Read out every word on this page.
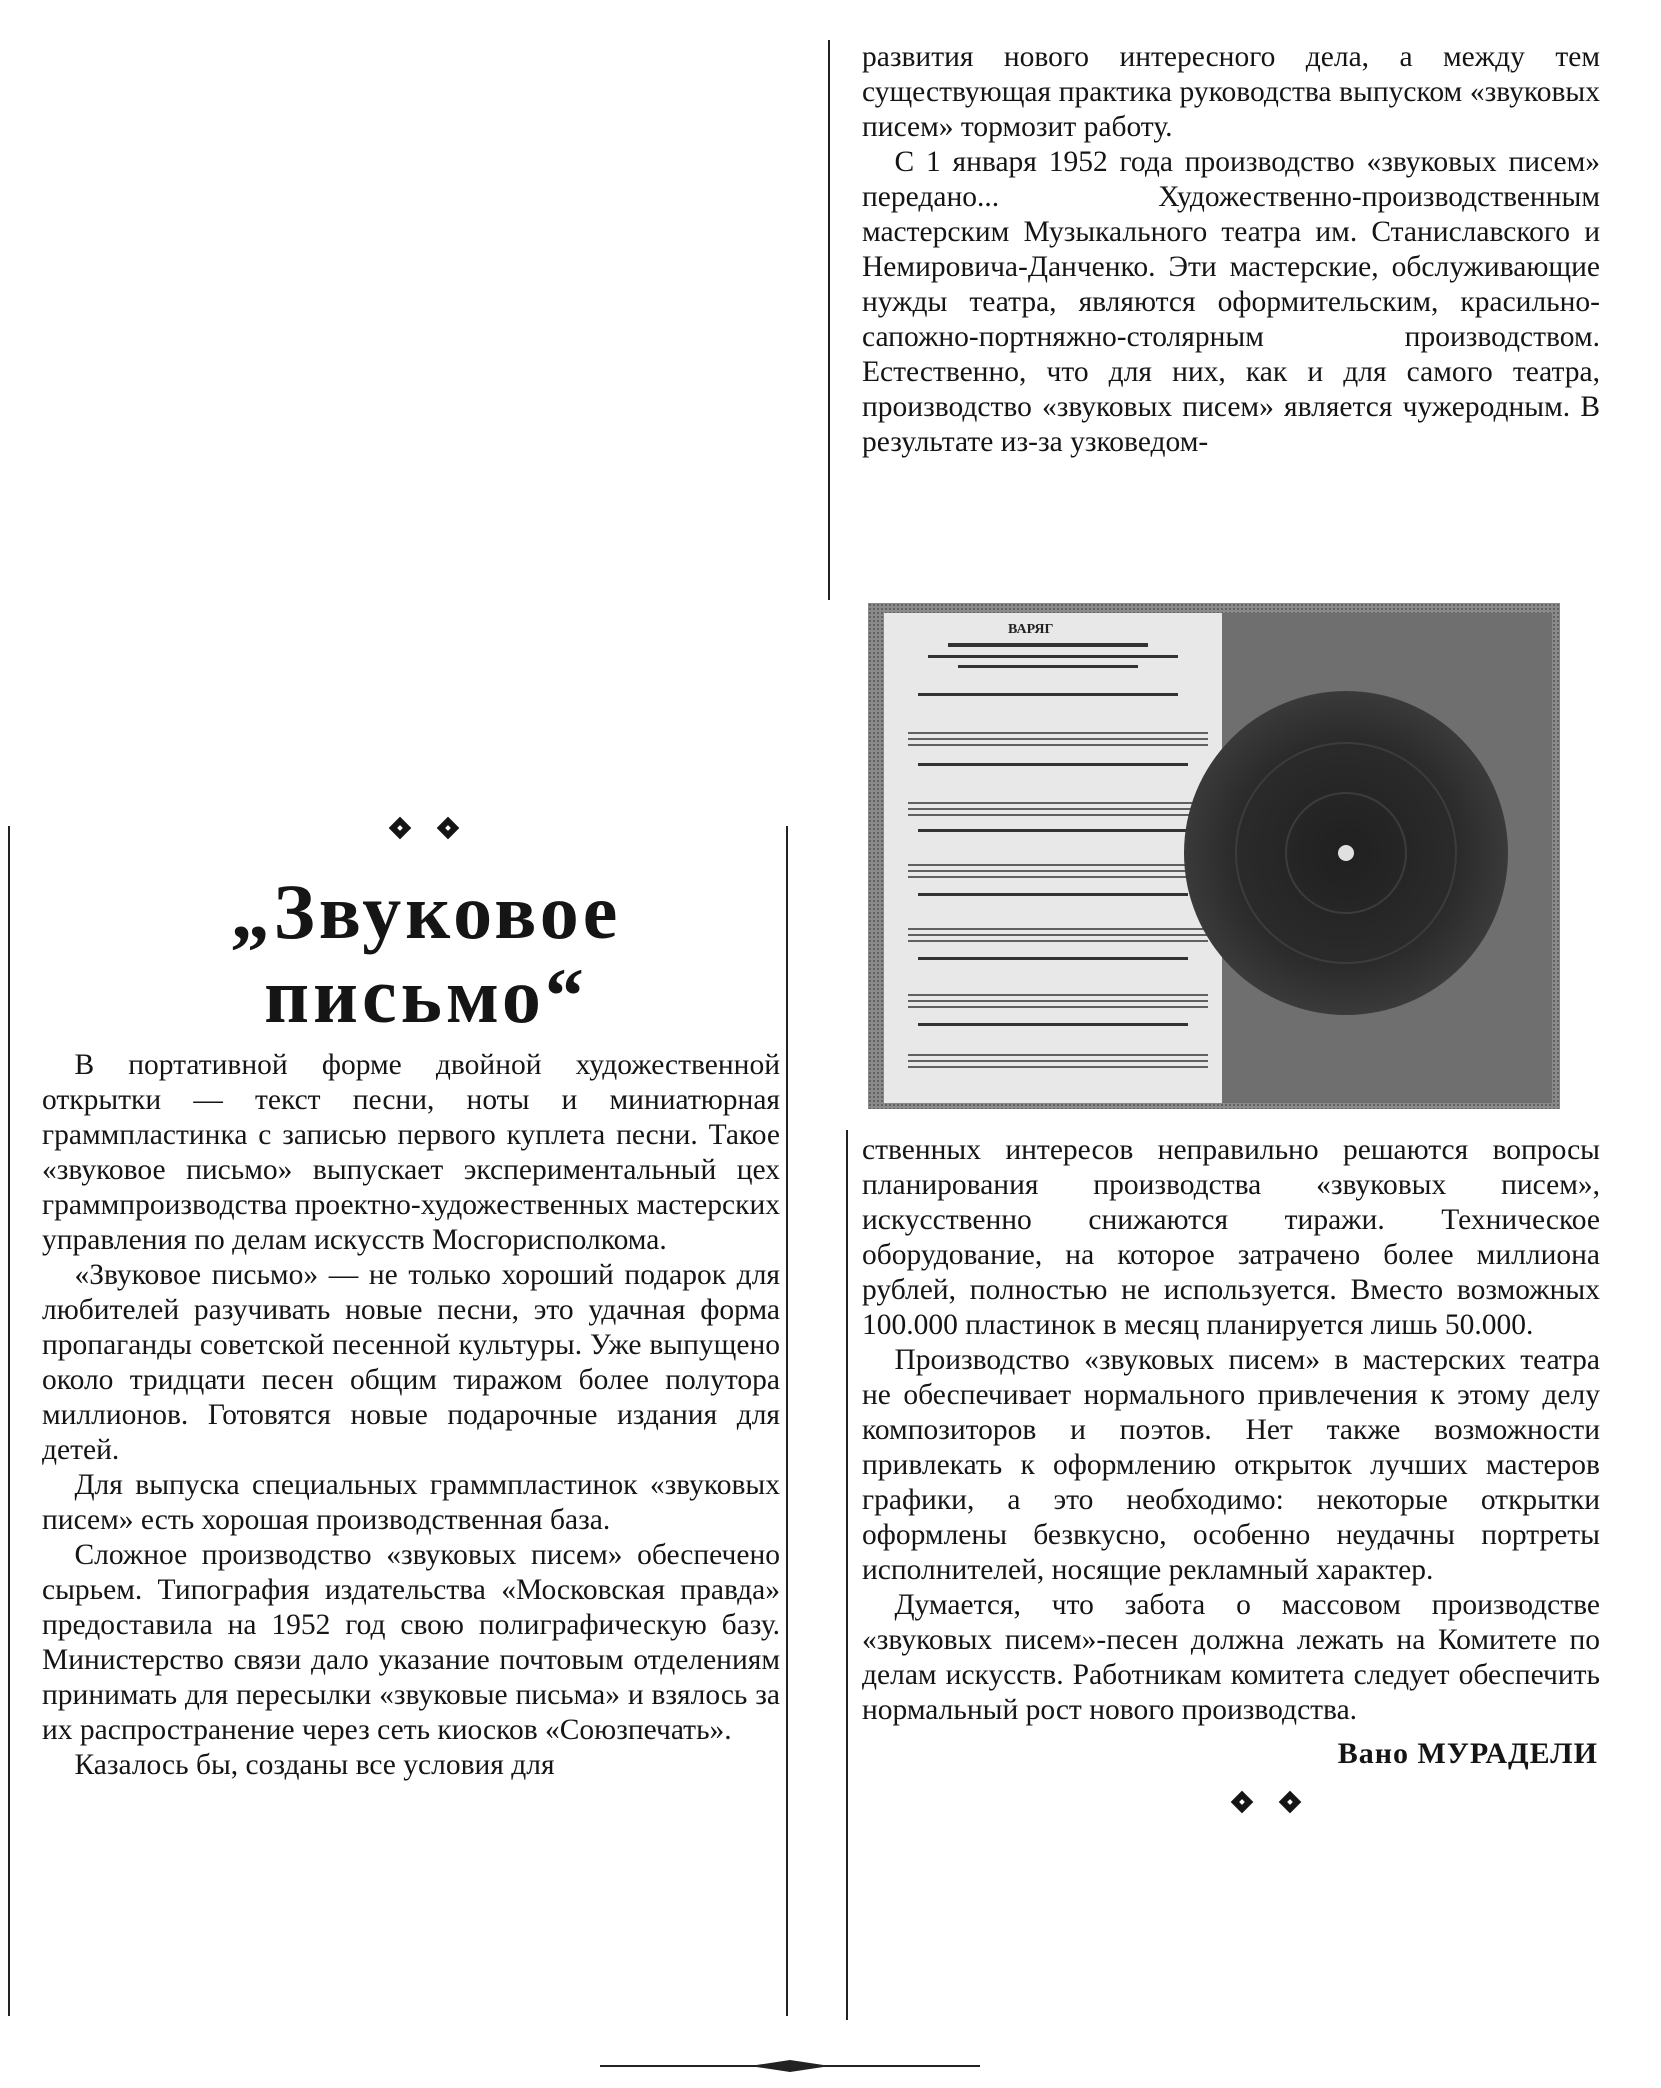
развития нового интересного дела, а между тем существующая практика руководства выпуском «звуковых писем» тормозит работу.

С 1 января 1952 года производство «звуковых писем» передано... Художественно-производственным мастерским Музыкального театра им. Станиславского и Немировича-Данченко. Эти мастерские, обслуживающие нужды театра, являются оформительским, красильно-сапожно-портняжно-столярным производством. Естественно, что для них, как и для самого театра, производство «звуковых писем» является чужеродным. В результате из-за узковедом-

ВАРЯГ

ственных интересов неправильно решаются вопросы планирования производства «звуковых писем», искусственно снижаются тиражи. Техническое оборудование, на которое затрачено более миллиона рублей, полностью не используется. Вместо возможных 100.000 пластинок в месяц планируется лишь 50.000.

Производство «звуковых писем» в мастерских театра не обеспечивает нормального привлечения к этому делу композиторов и поэтов. Нет также возможности привлекать к оформлению открыток лучших мастеров графики, а это необходимо: некоторые открытки оформлены безвкусно, особенно неудачны портреты исполнителей, носящие рекламный характер.

Думается, что забота о массовом производстве «звуковых писем»-песен должна лежать на Комитете по делам искусств. Работникам комитета следует обеспечить нормальный рост нового производства.

Вано МУРАДЕЛИ
„Звуковое
письмо“

В портативной форме двойной художественной открытки — текст песни, ноты и миниатюрная граммпластинка с записью первого куплета песни. Такое «звуковое письмо» выпускает экспериментальный цех граммпроизводства проектно-художественных мастерских управления по делам искусств Мосгорисполкома.

«Звуковое письмо» — не только хороший подарок для любителей разучивать новые песни, это удачная форма пропаганды советской песенной культуры. Уже выпущено около тридцати песен общим тиражом более полутора миллионов. Готовятся новые подарочные издания для детей.

Для выпуска специальных граммпластинок «звуковых писем» есть хорошая производственная база.

Сложное производство «звуковых писем» обеспечено сырьем. Типография издательства «Московская правда» предоставила на 1952 год свою полиграфическую базу. Министерство связи дало указание почтовым отделениям принимать для пересылки «звуковые письма» и взялось за их распространение через сеть киосков «Союзпечать».

Казалось бы, созданы все условия для
